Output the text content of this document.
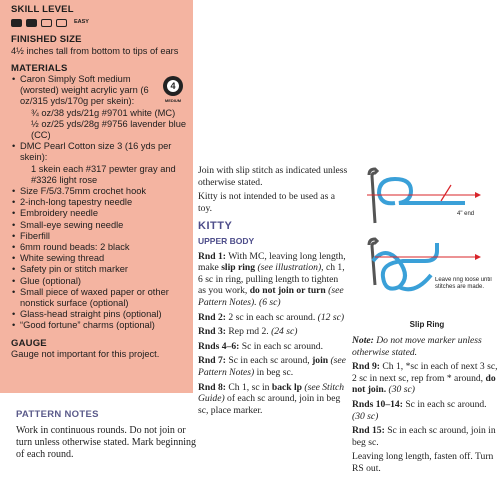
SKILL LEVEL
EASY
FINISHED SIZE

4½ inches tall from bottom to tips of ears

MATERIALS
• Caron Simply Soft medium (worsted) weight acrylic yarn (6 oz/315 yds/170g per skein):
¾ oz/38 yds/21g #9701 white (MC)
½ oz/25 yds/28g #9756 lavender blue (CC)
• DMC Pearl Cotton size 3 (16 yds per skein):
1 skein each #317 pewter gray and #3326 light rose
• Size F/5/3.75mm crochet hook
• 2-inch-long tapestry needle
• Embroidery needle
• Small-eye sewing needle
• Fiberfill
• 6mm round beads: 2 black
• White sewing thread
• Safety pin or stitch marker
• Glue (optional)
• Small piece of waxed paper or other nonstick surface (optional)
• Glass-head straight pins (optional)
• “Good fortune” charms (optional)
GAUGE

Gauge not important for this project.

4
MEDIUM
PATTERN NOTES
Work in continuous rounds. Do not join or turn unless otherwise stated. Mark beginning of each round.

Join with slip stitch as indicated unless otherwise stated.

Kitty is not intended to be used as a toy.

KITTY
UPPER BODY

Rnd 1: With MC, leaving long length, make slip ring (see illustration), ch 1, 6 sc in ring, pulling length to tighten as you work, do not join or turn (see Pattern Notes). (6 sc)

Rnd 2: 2 sc in each sc around. (12 sc)

Rnd 3: Rep rnd 2. (24 sc)

Rnds 4–6: Sc in each sc around.

Rnd 7: Sc in each sc around, join (see Pattern Notes) in beg sc.

Rnd 8: Ch 1, sc in back lp (see Stitch Guide) of each sc around, join in beg sc, place marker.

4" end
Leave ring loose until stitches are made.
Slip Ring

Note: Do not move marker unless otherwise stated.

Rnd 9: Ch 1, *sc in each of next 3 sc, 2 sc in next sc, rep from * around, do not join. (30 sc)

Rnds 10–14: Sc in each sc around. (30 sc)

Rnd 15: Sc in each sc around, join in beg sc.

Leaving long length, fasten off. Turn RS out.
